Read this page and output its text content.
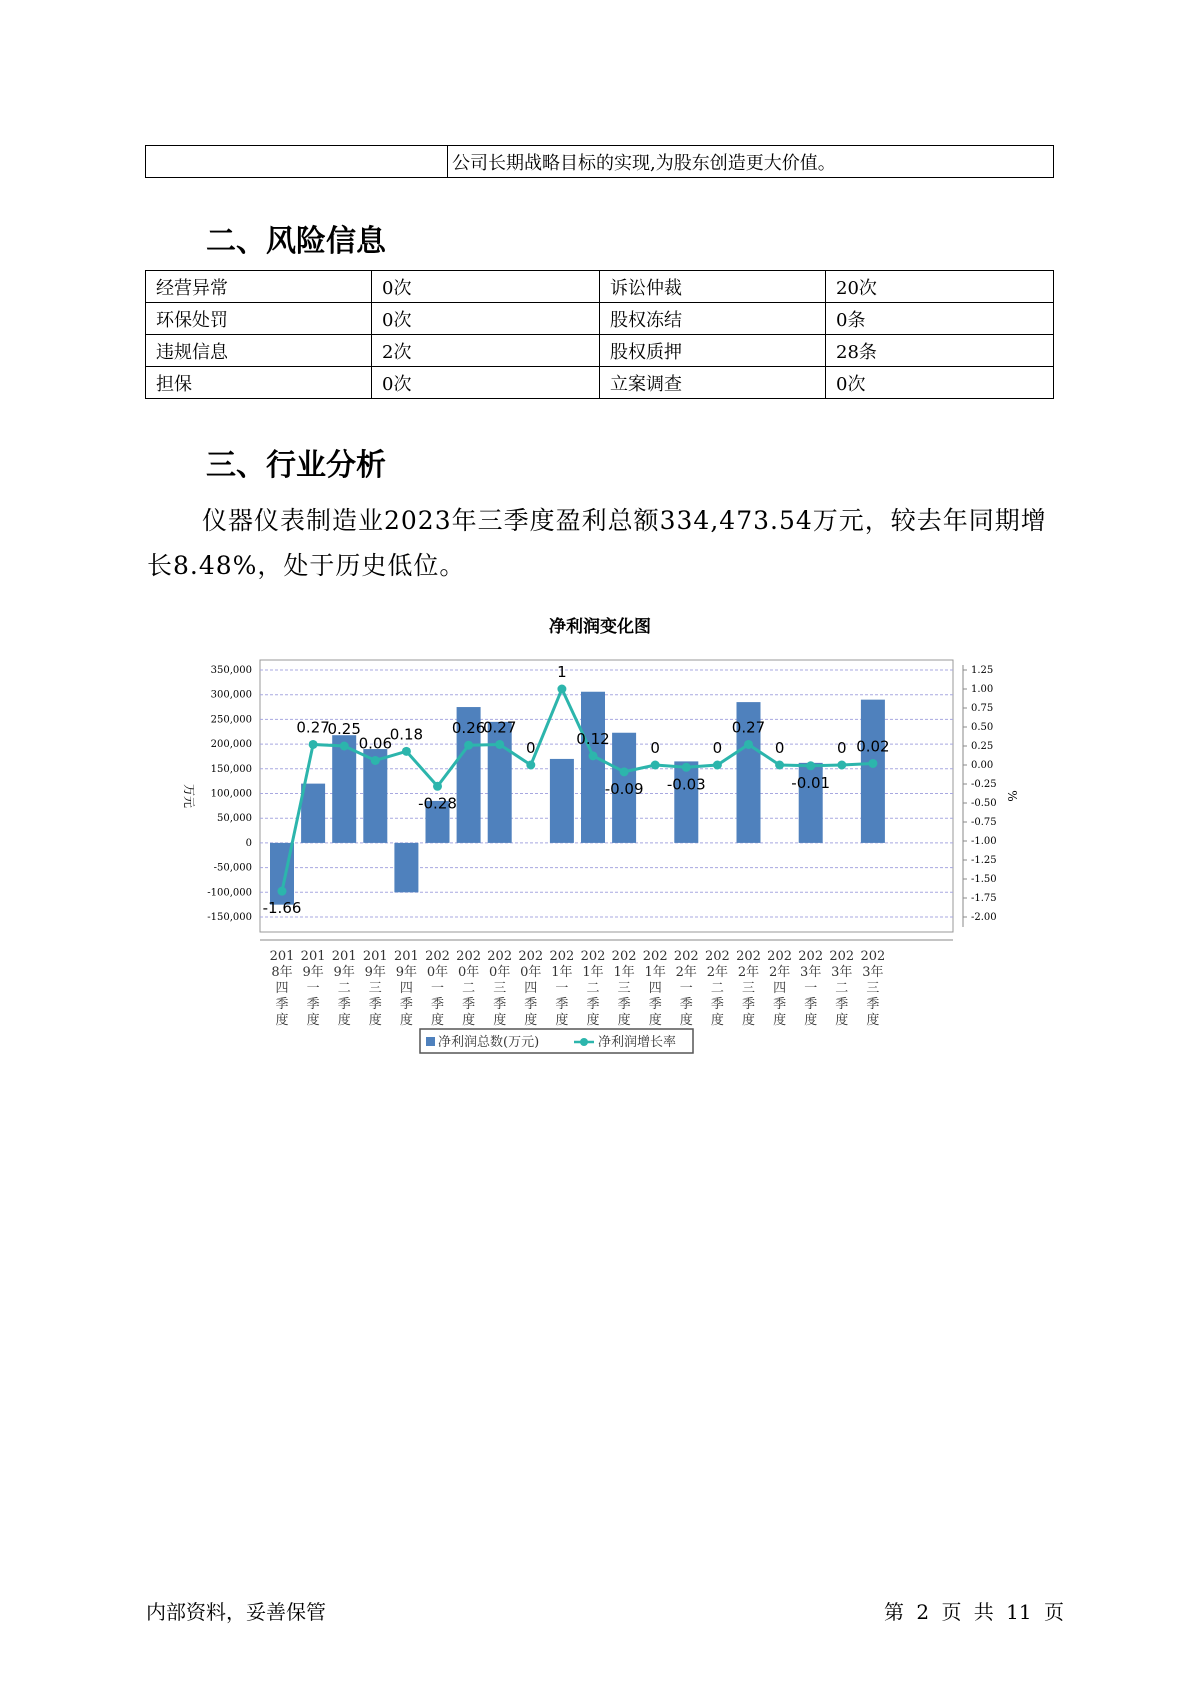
	公司长期战略目标的实现,为股东创造更大价值。
二、风险信息
经营异常	0次	诉讼仲裁	20次
环保处罚	0次	股权冻结	0条
违规信息	2次	股权质押	28条
担保	0次	立案调查	0次
三、行业分析

仪器仪表制造业2023年三季度盈利总额334,473.54万元，较去年同期增长8.48%，处于历史低位。

净利润变化图
-150,000
-100,000
-50,000
0
50,000
100,000
150,000
200,000
250,000
300,000
350,000
-2.00
-1.75
-1.50
-1.25
-1.00
-0.75
-0.50
-0.25
0.00
0.25
0.50
0.75
1.00
1.25
万元	%
-1.66
0.27
0.25
0.06
0.18
-0.28
0.26
0.27
0
1
0.12
-0.09
0
-0.03
0
0.27
0
-0.01
0 0.02
201 8年四季度
201 9年一季度
201 9年二季度
201 9年三季度
201 9年四季度
202 0年一季度
202 0年二季度
202 0年三季度
202 0年四季度
202 1年一季度
202 1年二季度
202 1年三季度
202 1年四季度
202 2年一季度
202 2年二季度
202 2年三季度
202 2年四季度
202 3年一季度
202 3年二季度
202 3年三季度
净利润总数(万元)	净利润增长率
内部资料，妥善保管	第 2 页 共 11 页
